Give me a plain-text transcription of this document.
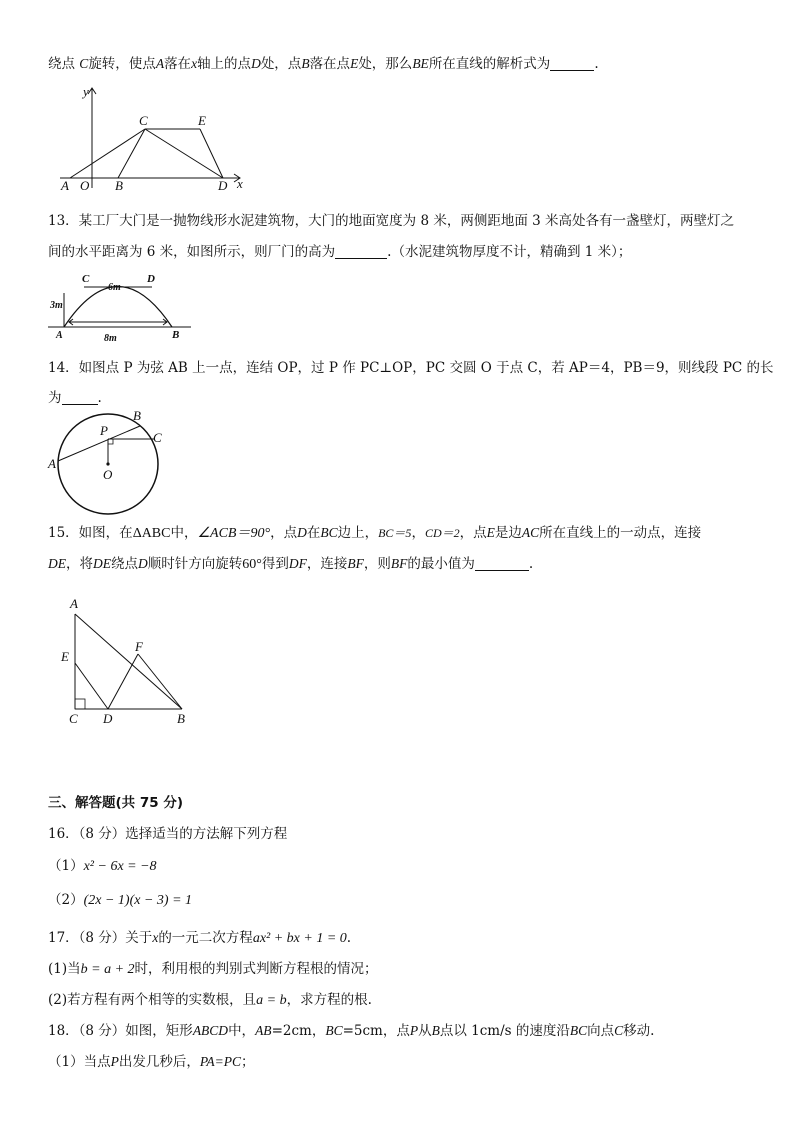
绕点 C旋转，使点A落在x轴上的点D处，点B落在点E处，那么BE所在直线的解析式为	.
y
x
A O B
C	E
D
13．某工厂大门是一抛物线形水泥建筑物，大门的地面宽度为 8 米，两侧距地面 3 米高处各有一盏壁灯，两壁灯之
间的水平距离为 6 米，如图所示，则厂门的高为	.（水泥建筑物厚度不计，精确到 1 米）；
C	D
6m
3m
8m
A	B
14．如图点 P 为弦 AB 上一点，连结 OP，过 P 作 PC⊥OP，PC 交圆 O 于点 C，若 AP＝4，PB＝9，则线段 PC 的长
为	.
A
B
P	C
O
15．如图，在ΔABC中，∠ACB＝90°，点D在BC边上，BC＝5，CD＝2，点E是边AC所在直线上的一动点，连接
DE，将DE绕点D顺时针方向旋转60°得到DF，连接BF，则BF的最小值为	.
A
E
F
C D	B
三、解答题(共 75 分)
16．（8 分）选择适当的方法解下列方程
（1）x² − 6x = −8
（2）(2x − 1)(x − 3) = 1
17．（8 分）关于x的一元二次方程ax² + bx + 1 = 0.
(1)当b = a + 2时，利用根的判别式判断方程根的情况；
(2)若方程有两个相等的实数根，且a = b，求方程的根.
18．（8 分）如图，矩形ABCD中，AB=2cm，BC=5cm，点P从B点以 1cm/s 的速度沿BC向点C移动.
（1）当点P出发几秒后，PA=PC；
